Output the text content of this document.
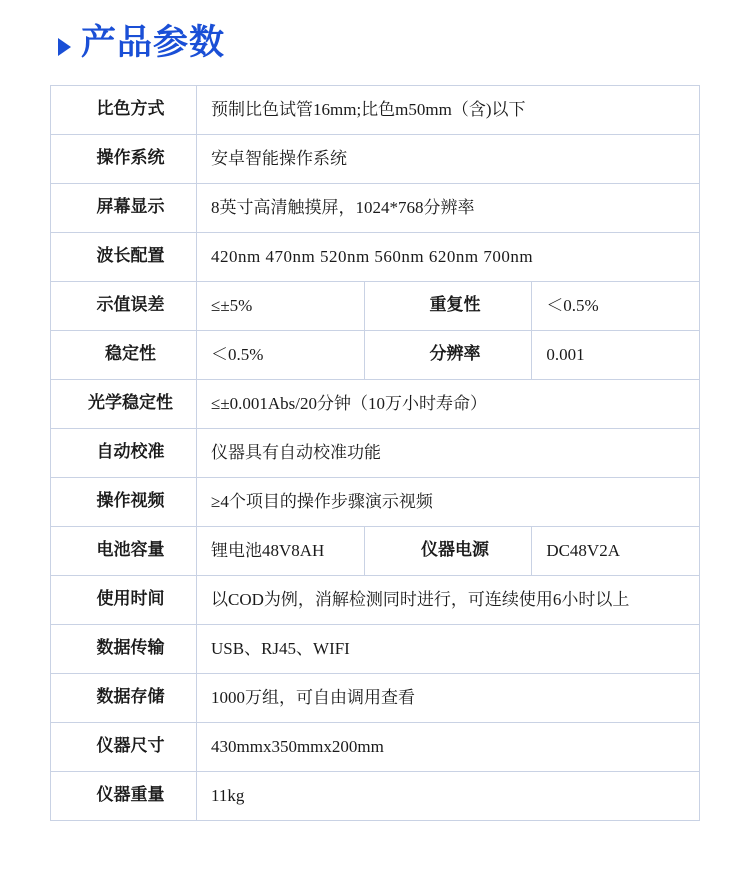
产品参数
比色方式	预制比色试管16mm;比色m50mm（含)以下		
操作系统	安卓智能操作系统		
屏幕显示	8英寸高清触摸屏，1024*768分辨率		
波长配置	420nm 470nm 520nm 560nm 620nm 700nm		
示值误差	≤±5%	重复性	＜0.5%
稳定性	＜0.5%	分辨率	0.001
光学稳定性	≤±0.001Abs/20分钟（10万小时寿命）		
自动校准	仪器具有自动校准功能		
操作视频	≥4个项目的操作步骤演示视频		
电池容量	锂电池48V8AH	仪器电源	DC48V2A
使用时间	以COD为例，消解检测同时进行，可连续使用6小时以上		
数据传输	USB、RJ45、WIFI		
数据存储	1000万组，可自由调用查看		
仪器尺寸	430mmx350mmx200mm		
仪器重量	11kg		
